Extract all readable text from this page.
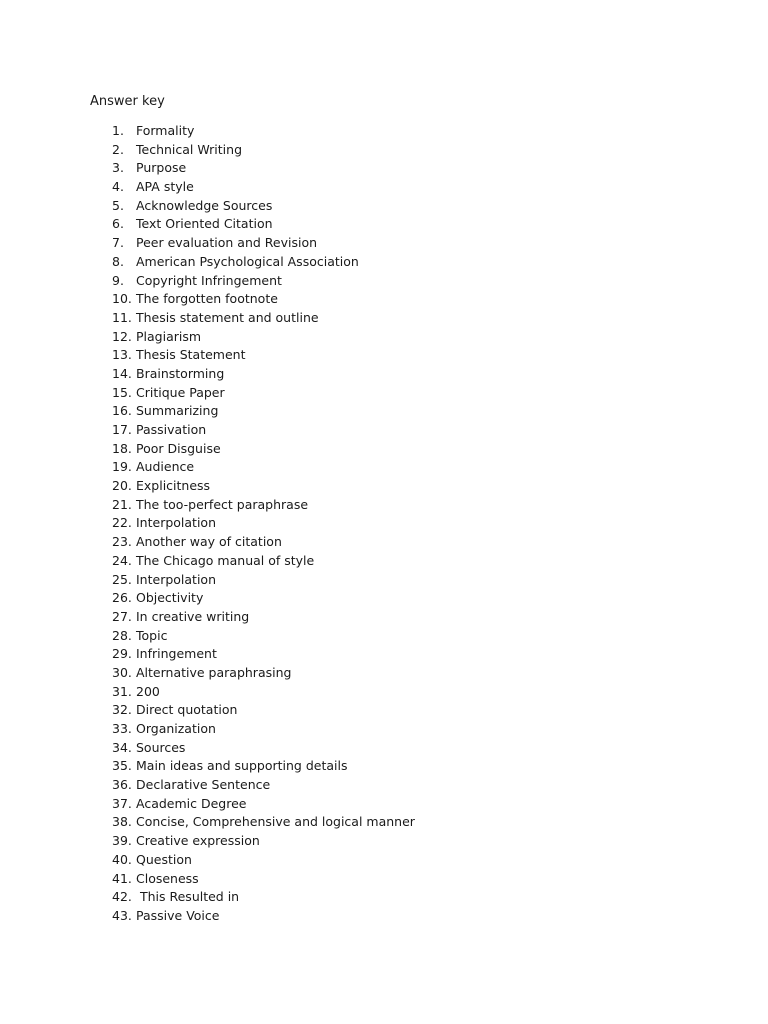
Answer key
1. Formality
2. Technical Writing
3. Purpose
4. APA style
5. Acknowledge Sources
6. Text Oriented Citation
7. Peer evaluation and Revision
8. American Psychological Association
9. Copyright Infringement
10. The forgotten footnote
11. Thesis statement and outline
12. Plagiarism
13. Thesis Statement
14. Brainstorming
15. Critique Paper
16. Summarizing
17. Passivation
18. Poor Disguise
19. Audience
20. Explicitness
21. The too-perfect paraphrase
22. Interpolation
23. Another way of citation
24. The Chicago manual of style
25. Interpolation
26. Objectivity
27. In creative writing
28. Topic
29. Infringement
30. Alternative paraphrasing
31. 200
32. Direct quotation
33. Organization
34. Sources
35. Main ideas and supporting details
36. Declarative Sentence
37. Academic Degree
38. Concise, Comprehensive and logical manner
39. Creative expression
40. Question
41. Closeness
42. This Resulted in
43. Passive Voice
